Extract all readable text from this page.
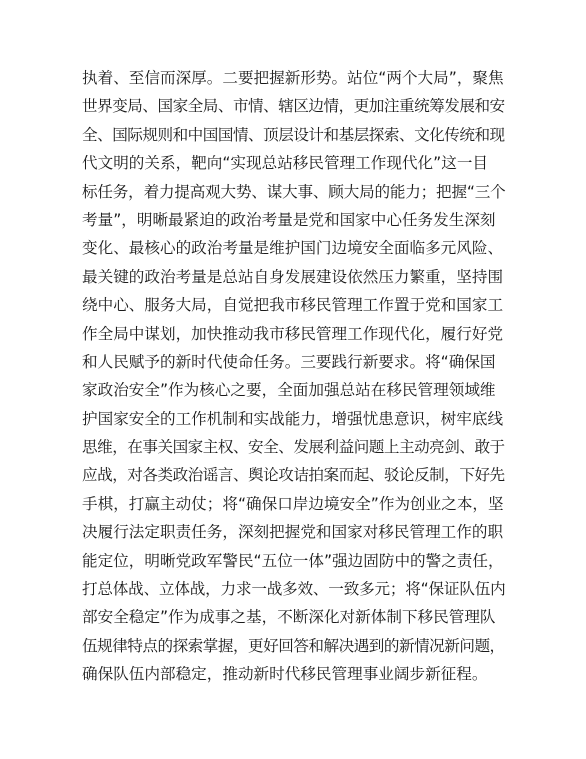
执着、至信而深厚。二要把握新形势。站位“两个大局”，聚焦
世界变局、国家全局、市情、辖区边情，更加注重统筹发展和安
全、国际规则和中国国情、顶层设计和基层探索、文化传统和现
代文明的关系，靶向“实现总站移民管理工作现代化”这一目
标任务，着力提高观大势、谋大事、顾大局的能力；把握“三个
考量”，明晰最紧迫的政治考量是党和国家中心任务发生深刻
变化、最核心的政治考量是维护国门边境安全面临多元风险、
最关键的政治考量是总站自身发展建设依然压力繁重，坚持围
绕中心、服务大局，自觉把我市移民管理工作置于党和国家工
作全局中谋划，加快推动我市移民管理工作现代化，履行好党
和人民赋予的新时代使命任务。三要践行新要求。将“确保国
家政治安全”作为核心之要，全面加强总站在移民管理领域维
护国家安全的工作机制和实战能力，增强忧患意识，树牢底线
思维，在事关国家主权、安全、发展利益问题上主动亮剑、敢于
应战，对各类政治谣言、舆论攻诘拍案而起、驳论反制，下好先
手棋，打赢主动仗；将“确保口岸边境安全”作为创业之本，坚
决履行法定职责任务，深刻把握党和国家对移民管理工作的职
能定位，明晰党政军警民“五位一体”强边固防中的警之责任，
打总体战、立体战，力求一战多效、一致多元；将“保证队伍内
部安全稳定”作为成事之基，不断深化对新体制下移民管理队
伍规律特点的探索掌握，更好回答和解决遇到的新情况新问题，
确保队伍内部稳定，推动新时代移民管理事业阔步新征程。
